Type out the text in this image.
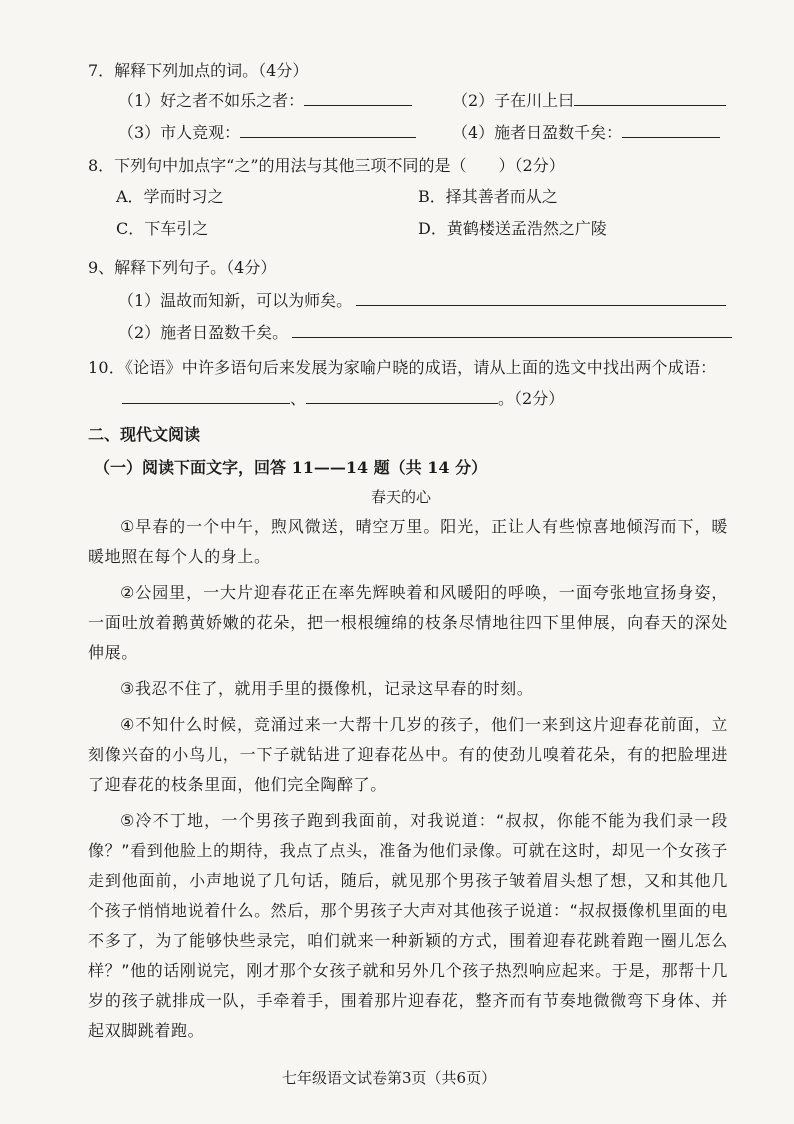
7．解释下列加点的词。（4分）
（1）好之者不如乐之者：	（2）子在川上曰
（3）市人竞观：	（4）施者日盈数千矣：
8．下列句中加点字“之”的用法与其他三项不同的是（　　）（2分）
A．学而时习之	B．择其善者而从之
C．下车引之	D．黄鹤楼送孟浩然之广陵
9、解释下列句子。（4分）
（1）温故而知新，可以为师矣。
（2）施者日盈数千矣。
10．《论语》中许多语句后来发展为家喻户晓的成语，请从上面的选文中找出两个成语：
、	。（2分）
二、现代文阅读
（一）阅读下面文字，回答 11——14 题（共 14 分）
春天的心

①早春的一个中午，煦风微送，晴空万里。阳光，正让人有些惊喜地倾泻而下，暖暖地照在每个人的身上。

②公园里，一大片迎春花正在率先辉映着和风暖阳的呼唤，一面夸张地宣扬身姿，一面吐放着鹅黄娇嫩的花朵，把一根根缠绵的枝条尽情地往四下里伸展，向春天的深处伸展。

③我忍不住了，就用手里的摄像机，记录这早春的时刻。

④不知什么时候，竞涌过来一大帮十几岁的孩子，他们一来到这片迎春花前面，立刻像兴奋的小鸟儿，一下子就钻进了迎春花丛中。有的使劲儿嗅着花朵，有的把脸埋进了迎春花的枝条里面，他们完全陶醉了。

⑤冷不丁地，一个男孩子跑到我面前，对我说道：“叔叔，你能不能为我们录一段像？”看到他脸上的期待，我点了点头，准备为他们录像。可就在这时，却见一个女孩子走到他面前，小声地说了几句话，随后，就见那个男孩子皱着眉头想了想，又和其他几个孩子悄悄地说着什么。然后，那个男孩子大声对其他孩子说道：“叔叔摄像机里面的电不多了，为了能够快些录完，咱们就来一种新颖的方式，围着迎春花跳着跑一圈儿怎么样？”他的话刚说完，刚才那个女孩子就和另外几个孩子热烈响应起来。于是，那帮十几岁的孩子就排成一队，手牵着手，围着那片迎春花，整齐而有节奏地微微弯下身体、并起双脚跳着跑。

七年级语文试卷第3页（共6页）
